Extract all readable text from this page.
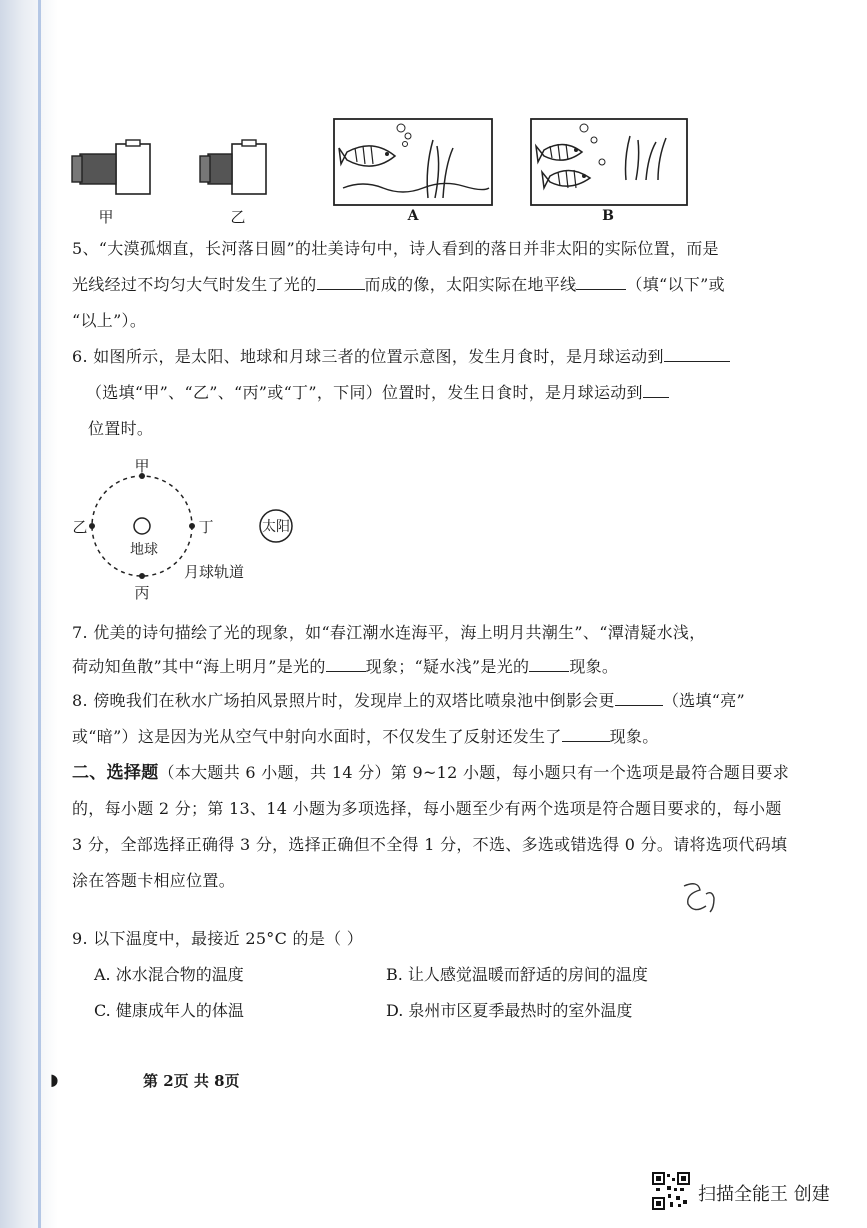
甲	乙	A	B
5、“大漠孤烟直，长河落日圆”的壮美诗句中，诗人看到的落日并非太阳的实际位置，而是
光线经过不均匀大气时发生了光的	而成的像，太阳实际在地平线	（填“以下”或
“以上”）。
6. 如图所示，是太阳、地球和月球三者的位置示意图，发生月食时，是月球运动到
（选填“甲”、“乙”、“丙”或“丁”，下同）位置时，发生日食时，是月球运动到
位置时。
甲
乙	丁
丙
地球
月球轨道
太阳
7. 优美的诗句描绘了光的现象，如“春江潮水连海平，海上明月共潮生”、“潭清疑水浅，
荷动知鱼散”其中“海上明月”是光的	现象；“疑水浅”是光的	现象。
8. 傍晚我们在秋水广场拍风景照片时，发现岸上的双塔比喷泉池中倒影会更	（选填“亮”
或“暗”）这是因为光从空气中射向水面时，不仅发生了反射还发生了	现象。
二、选择题（本大题共 6 小题，共 14 分）第 9~12 小题，每小题只有一个选项是最符合题目要求
的，每小题 2 分；第 13、14 小题为多项选择，每小题至少有两个选项是符合题目要求的，每小题
3 分，全部选择正确得 3 分，选择正确但不全得 1 分，不选、多选或错选得 0 分。请将选项代码填
涂在答题卡相应位置。
9. 以下温度中，最接近 25°C 的是（ ）
A. 冰水混合物的温度	B. 让人感觉温暖而舒适的房间的温度
C. 健康成年人的体温	D. 泉州市区夏季最热时的室外温度
◗	第 2页 共 8页
扫描全能王 创建
